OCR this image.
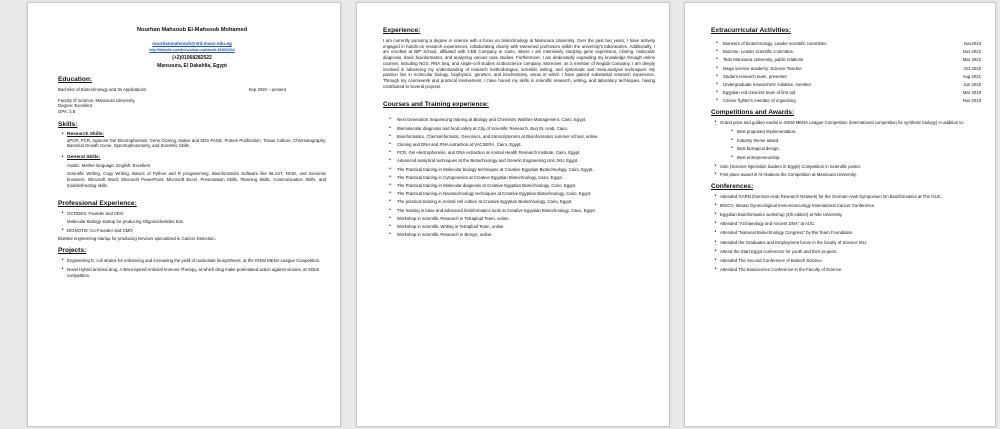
Nourhan Mahsoub El-Mahsoub Mohamed
nourhanmahsoub@std.mans.edu.eg
http://linkedin.com/in/nourhan-mahsoub-493633204
(+2)01068282522
Mansoura, El Dakahlia, Egypt
Education:
Bachelor of Biotechnology and Its Applications	Sep 2020 – present
Faculty of Science, Mansoura University
Degree: Excellent
GPA: 3.8
Skills:
• Research Skills:
qPCR, PCR, Agarose Gel Electrophoresis, Gene Cloning, Native and SDS PAGE, Protein Purification, Tissue Culture, Chromatography, Bacterial Growth Curve, Spectrophotometry, and Scientific Skills.
• General Skills:
Arabic: Mother language, English: Excellent
Scientific Writing, Copy Writing, Basics of Python and R programming, Bioinformatics Software like BLAST, NCBI, and Genomic browsers, Microsoft Word, Microsoft PowerPoint, Microsoft Excel, Presentation Skills, Planning Skills, Communication Skills, and troubleshooting skills.
Professional Experience:
• OCTIDES: Founder and CEO
Molecular Biology startup for producing Oligonucleotides Kits.
• DIGNOTIX: Co-Founder and CMO
BioMed engineering startup for producing Devices specialized in Cancer Detection.
Projects:
• Engineering E. coli strains for enhancing and increasing the yield of nucleotide biosynthesis, at the IGEM MENA League Competition.
• Novel Hybrid antiviral drug: A Bat-Inspired Antiviral Immune Therapy, at which drug make potentiated action against viruses, at SOLE competition.
Experience:
I am currently pursuing a degree in science with a focus on biotechnology at Mansoura University. Over the past two years, I have actively engaged in hands-on research experiences, collaborating closely with esteemed professors within the university's laboratories. Additionally, I am enrolled at BIP School, affiliated with CEB Company in Cairo, where I am intensively studying gene expression, cloning, molecular diagnosis, basic bioinformatics, and analyzing various case studies. Furthermore, I am dedicatedly expanding my knowledge through online courses, including NGS, RNA Seq, and single-cell studies at Bioscience company. Moreover, as a member of Negida Company, I am deeply involved in advancing my understanding of research methodologies, scientific writing, and systematic and meta-analysis techniques. My passion lies in molecular biology, biophysics, genetics, and biochemistry, areas in which I have gained substantial research experience. Through my coursework and practical involvement, I have honed my skills in scientific research, writing, and laboratory techniques, having contributed to several projects.
Courses and Training experience:
•	Next Generation Sequencing training at Biology and Chemistry Warfare Management, Cairo, Egypt.
•	Biomolecular diagnosis and food safety at City of Scientific Research, Burj EL Arab, Cairo.
•	Bioinformatics, Chemoinformatic, Genomics, and transcriptomics at Bioinformatics summer school, online.
•	Cloning and DNA and RNA extraction at VACSERA, Cairo, Egypt.
•	PCR, Gel electrophoresis, and DNA extraction at Animal Health Research Institute, Cairo, Egypt.
•	Advanced analytical techniques at the Biotechnology and Genetic Engineering Unit, MU, Egypt.
•	The Practical training in Molecular biology techniques at Creative Egyptian Biotechnology, Cairo, Egypt.
•	The Practical training in Cytogenetics at Creative Egyptian Biotechnology, Cairo, Egypt.
•	The Practical training in Molecular diagnosis at Creative Egyptian Biotechnology, Cairo, Egypt.
•	The Practical training in Nanotechnology techniques at Creative Egyptian Biotechnology, Cairo, Egypt.
•	The practical training in Animal cell culture at Creative Egyptian Biotechnology, Cairo, Egypt.
•	The training in base and advanced bioinformatics tools at Creative Egyptian Biotechnology, Cairo, Egypt.
•	Workshop in Scientific Research in Tetraploid Team, online.
•	Workshop in Scientific Writing in Tetraploid Team, online.
•	Workshop in Scientific Research in Biosyn, online.
Extracurricular Activities:
•	Bioneers of biotechnology, Leader scientific committee.	Nov2023
•	Biozone, Leader scientific committee.	Nov 2022
•	Tedx Mansoura University, public relations	Mar 2022
•	Mega science academy, Science Teacher	Oct 2022
•	Student research team, presenter	Aug 2021
•	Undergraduate researchers' initiative, member	Jun 2022
•	Egyptian red crescent team of first aid	Mar 2019
•	Cancer fighter's member of organizing	Nov 2018
Competitions and Awards:
• Grand prize and golden medal in IGEM MENA League Competition (international competition for synthetic biology) in addition to:
• Best proposed implementation.
• Industry theme award.
• Best biological design.
• Best entrepreneurship.
• Sole (Science Operation leaders in Egypt) Competition in Scientific poster.
• First place award in Al-Abakera the Competition at Mansoura University.
Conferences:
• Attended GARN (German-Arab Research Network) for the German-Arab Symposium On Bioinformatics at The GUC.
• BGICC- Breast Gynecological Immunooncology International Cancer Conference.
• Egyptian Bioinformatics workshop (4th edition) at Nile University.
• Attended "Archaeology and Ancient DNA" at AUC.
• Attended "National Biotechnology Congress" by Bio Team Foundation.
• Attended the Graduates and Employment forum in the faculty of Science MU.
• Attend the Start Egypt conference for youth and their projects.
• Attended The Second Conference of Biotech Science.
• Attended The Biosciences Conference in the Faculty of Science.
